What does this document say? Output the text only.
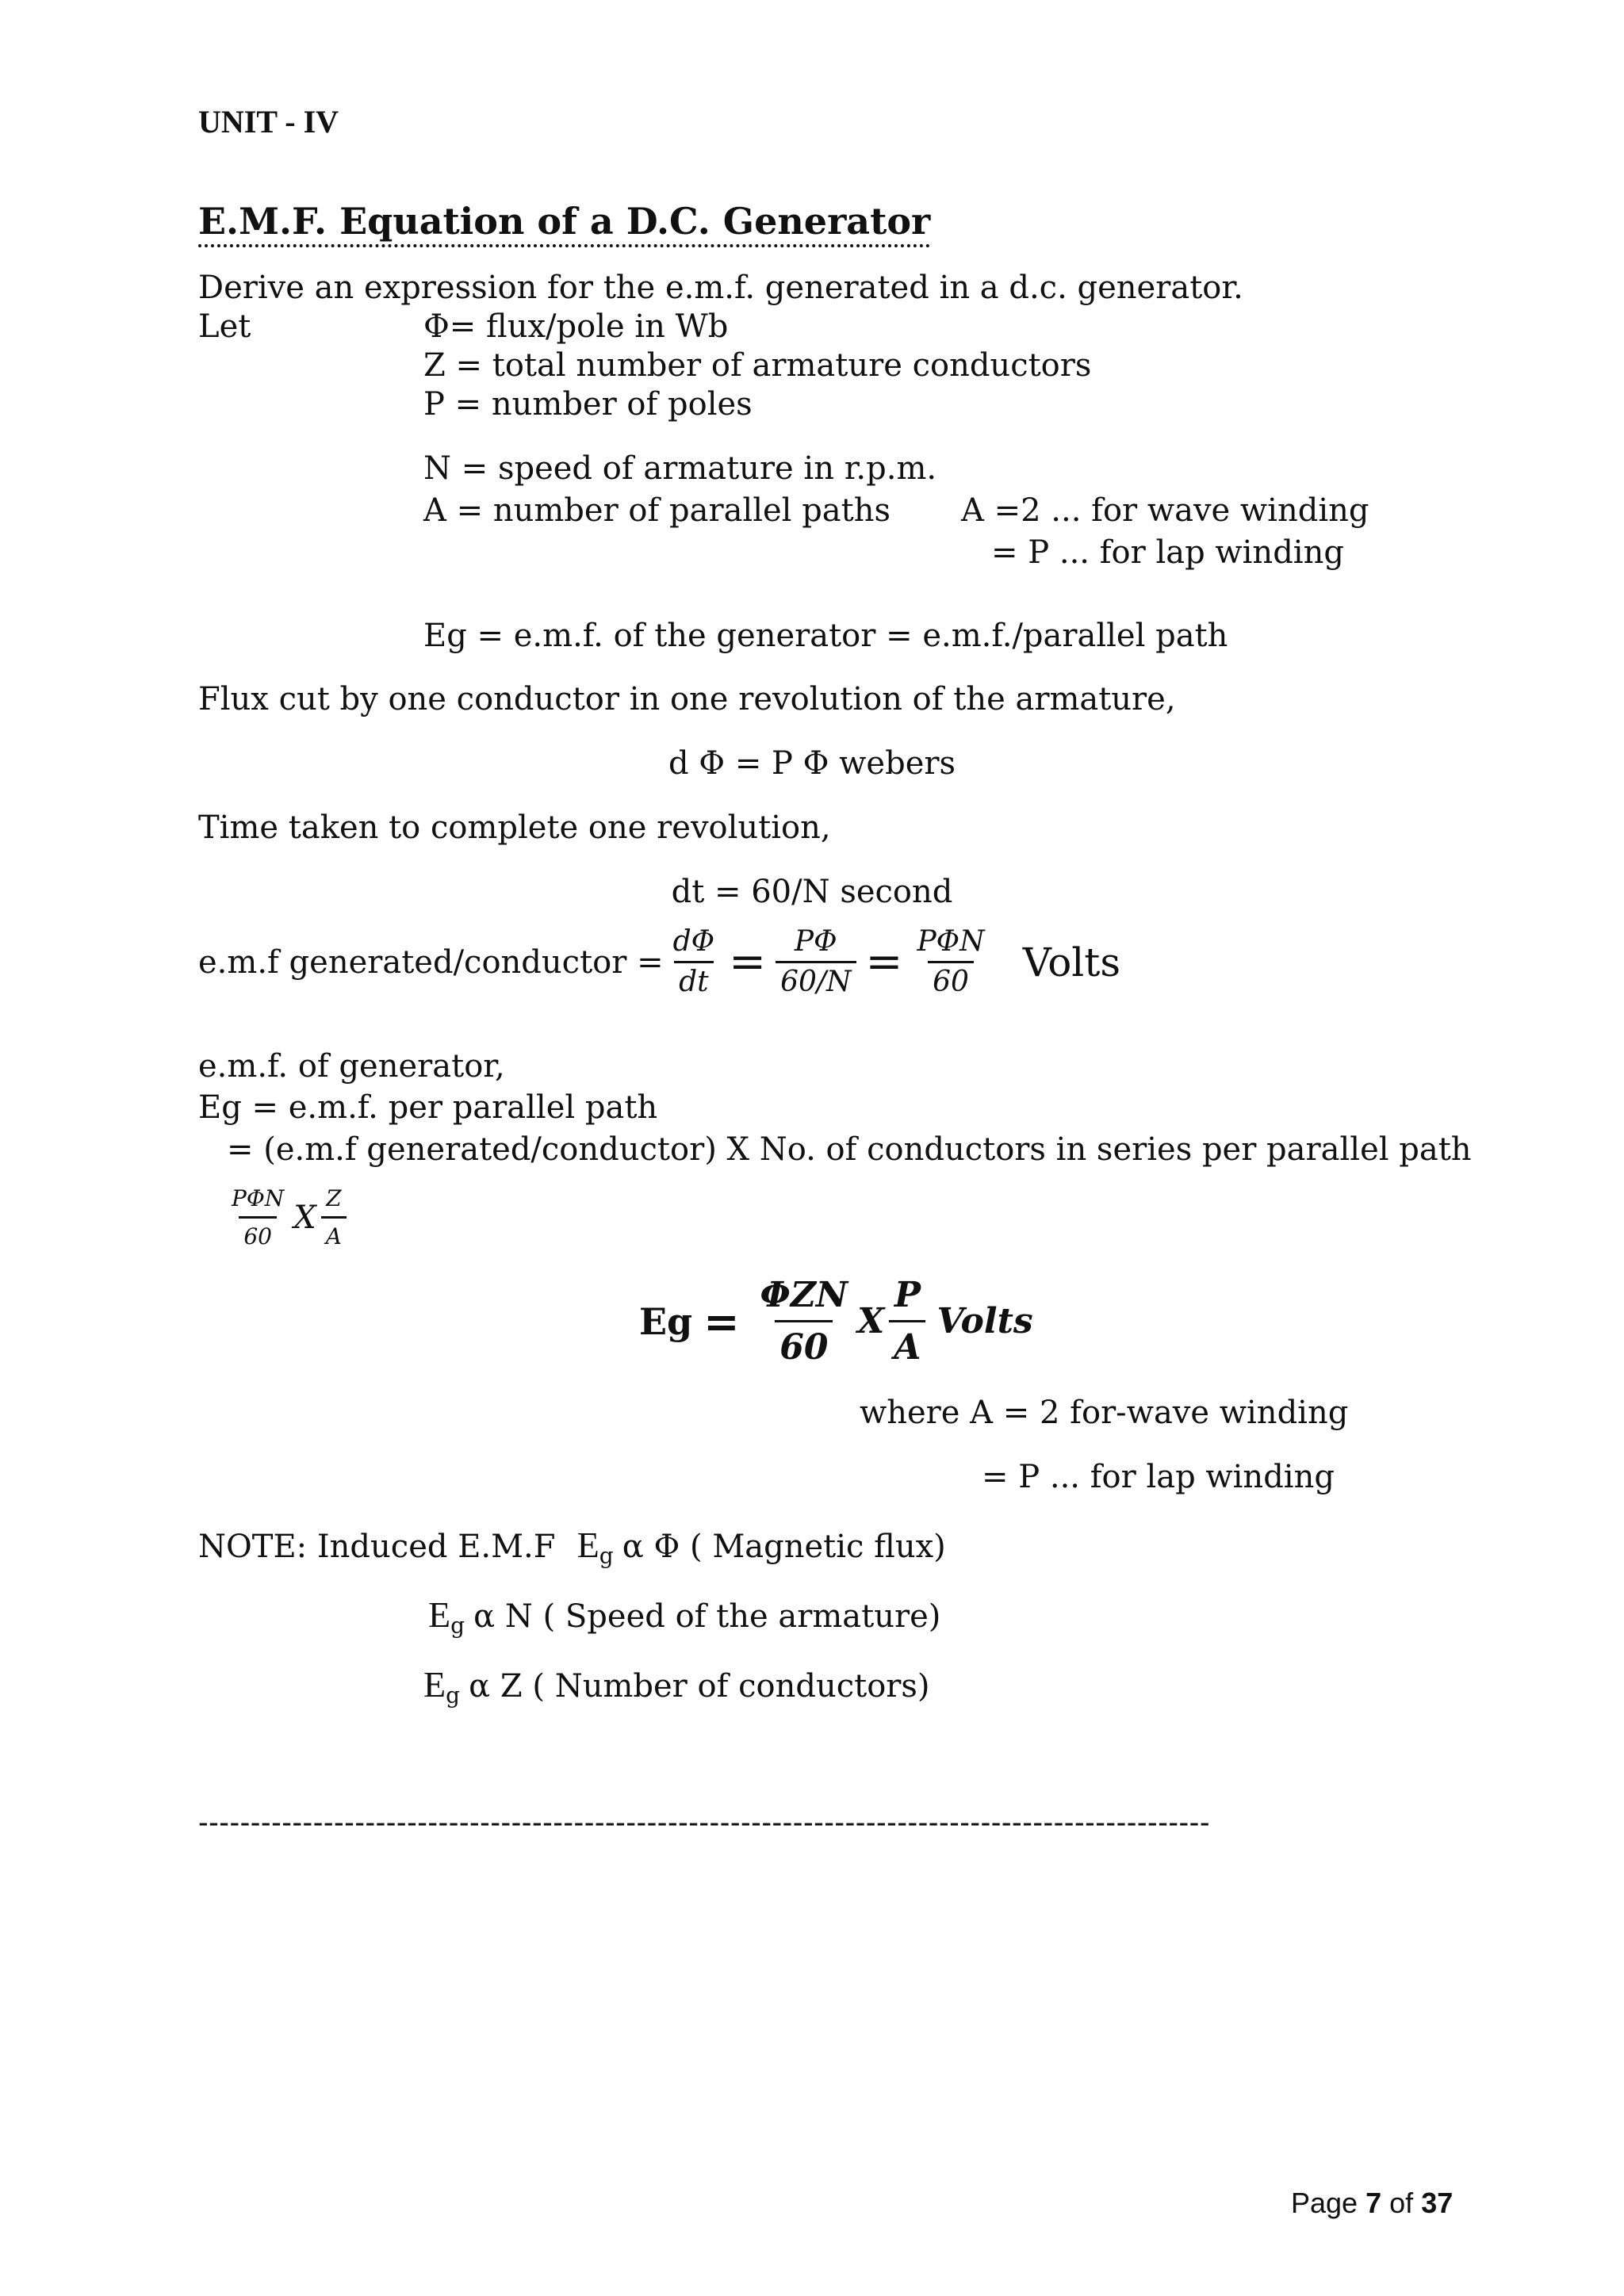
UNIT - IV
E.M.F. Equation of a D.C. Generator
Derive an expression for the e.m.f. generated in a d.c. generator.
Let	Φ= flux/pole in Wb
Z = total number of armature conductors
P = number of poles
N = speed of armature in r.p.m.
A = number of parallel paths A =2 ... for wave winding
= P ... for lap winding
Eg = e.m.f. of the generator = e.m.f./parallel path
Flux cut by one conductor in one revolution of the armature,
d Φ = P Φ webers
Time taken to complete one revolution,
dt = 60/N second
e.m.f generated/conductor = $\frac{d\Phi}{dt} = \frac{P\Phi}{60/N} = \frac{\text{PΦN}}{60}$ Volts
e.m.f. of generator,
Eg = e.m.f. per parallel path
= (e.m.f generated/conductor) X No. of conductors in series per parallel path
$\frac{\text{PΦN}}{60}$ X $\frac{Z}{A}$
$Eg = \frac{\text{ΦZN}}{60}$ X $\frac{P}{A}$ Volts
where A = 2 for-wave winding
= P ... for lap winding
NOTE: Induced E.M.F Eg α Φ ( Magnetic flux)
Eg α N ( Speed of the armature)
Eg α Z ( Number of conductors)
-------------------------------------------------------------------------------------------------
Page 7 of 37
